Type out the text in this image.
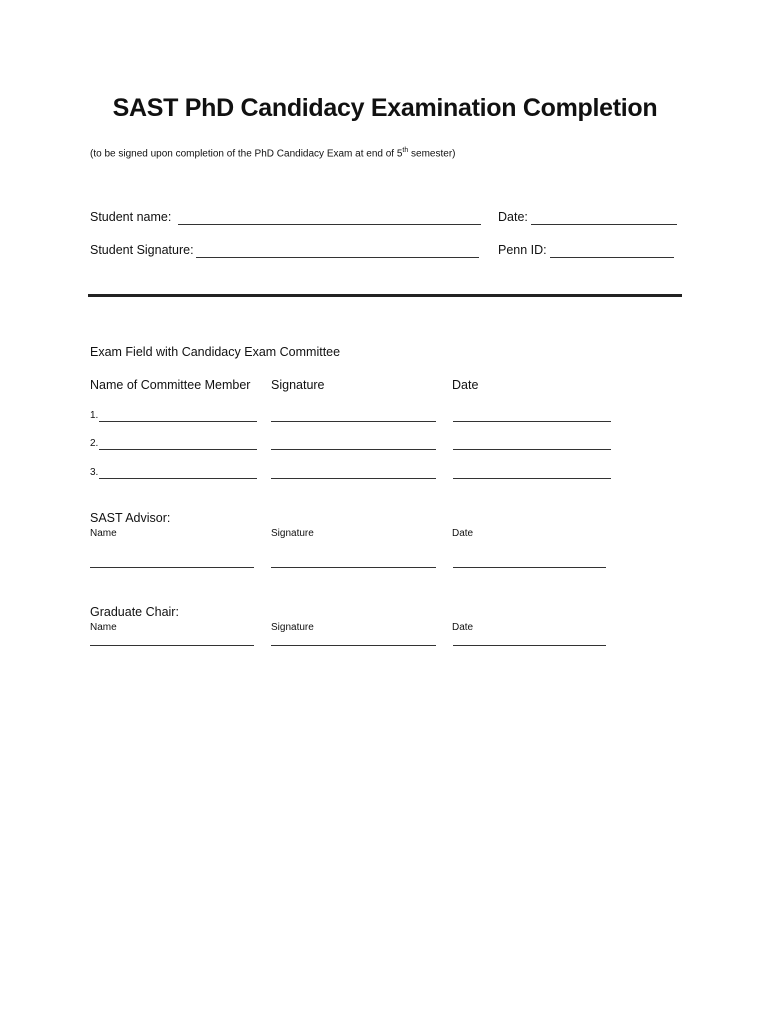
SAST PhD Candidacy Examination Completion
(to be signed upon completion of the PhD Candidacy Exam at end of 5th semester)
Student name:	Date:
Student Signature:	Penn ID:
Exam Field with Candidacy Exam Committee
Name of Committee Member Signature	Date
1.
2.
3.
SAST Advisor:
Name	Signature	Date
Graduate Chair:
Name	Signature	Date
